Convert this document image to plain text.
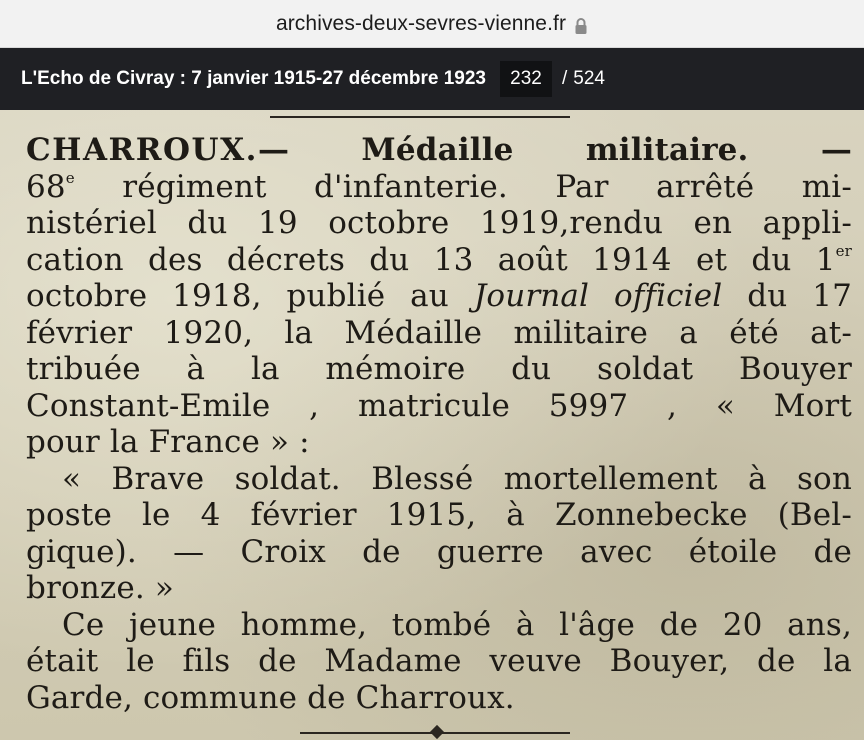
archives-deux-sevres-vienne.fr
L'Echo de Civray : 7 janvier 1915-27 décembre 1923
232	/ 524
CHARROUX.— Médaille militaire. —
68e régiment d'infanterie. Par arrêté mi-
nistériel du 19 octobre 1919,rendu en appli-
cation des décrets du 13 août 1914 et du 1er
octobre 1918, publié au Journal officiel du 17
février 1920, la Médaille militaire a été at-
tribuée à la mémoire du soldat Bouyer
Constant-Emile , matricule 5997 , « Mort
pour la France » :
« Brave soldat. Blessé mortellement à son
poste le 4 février 1915, à Zonnebecke (Bel-
gique). — Croix de guerre avec étoile de
bronze. »
Ce jeune homme, tombé à l'âge de 20 ans,
était le fils de Madame veuve Bouyer, de la
Garde, commune de Charroux.
